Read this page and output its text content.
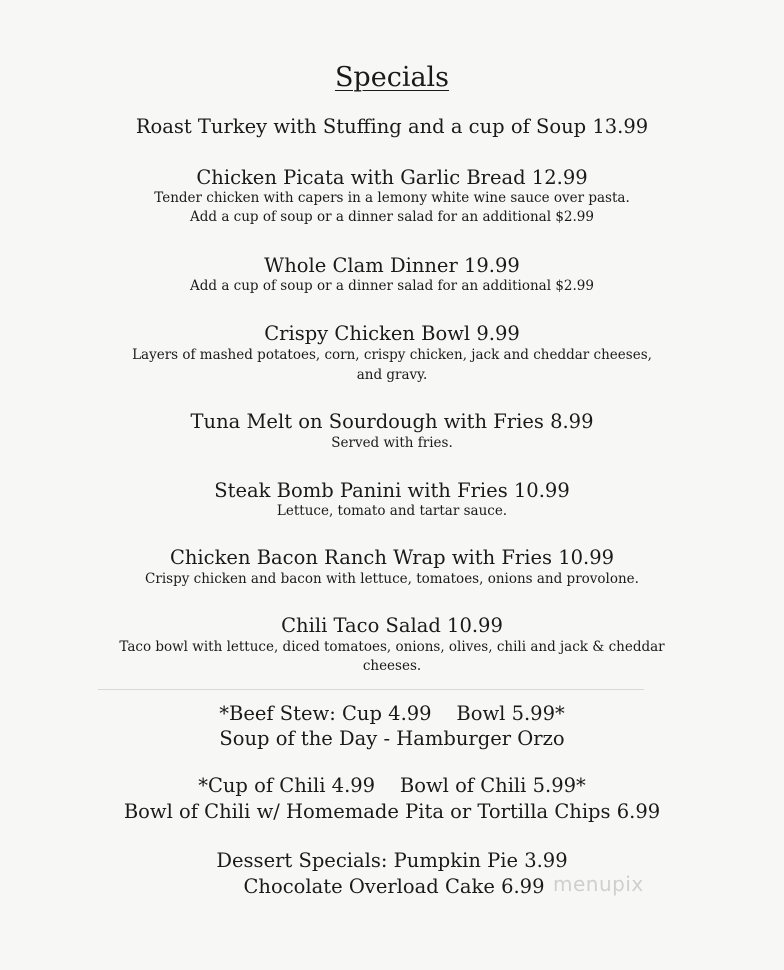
Specials
Roast Turkey with Stuffing and a cup of Soup 13.99
Chicken Picata with Garlic Bread 12.99
Tender chicken with capers in a lemony white wine sauce over pasta.
Add a cup of soup or a dinner salad for an additional $2.99
Whole Clam Dinner 19.99
Add a cup of soup or a dinner salad for an additional $2.99
Crispy Chicken Bowl 9.99
Layers of mashed potatoes, corn, crispy chicken, jack and cheddar cheeses,
and gravy.
Tuna Melt on Sourdough with Fries 8.99
Served with fries.
Steak Bomb Panini with Fries 10.99
Lettuce, tomato and tartar sauce.
Chicken Bacon Ranch Wrap with Fries 10.99
Crispy chicken and bacon with lettuce, tomatoes, onions and provolone.
Chili Taco Salad 10.99
Taco bowl with lettuce, diced tomatoes, onions, olives, chili and jack & cheddar
cheeses.
*Beef Stew: Cup 4.99    Bowl 5.99*
Soup of the Day - Hamburger Orzo
*Cup of Chili 4.99    Bowl of Chili 5.99*
Bowl of Chili w/ Homemade Pita or Tortilla Chips 6.99
Dessert Specials: Pumpkin Pie 3.99
Chocolate Overload Cake 6.99 menupix
